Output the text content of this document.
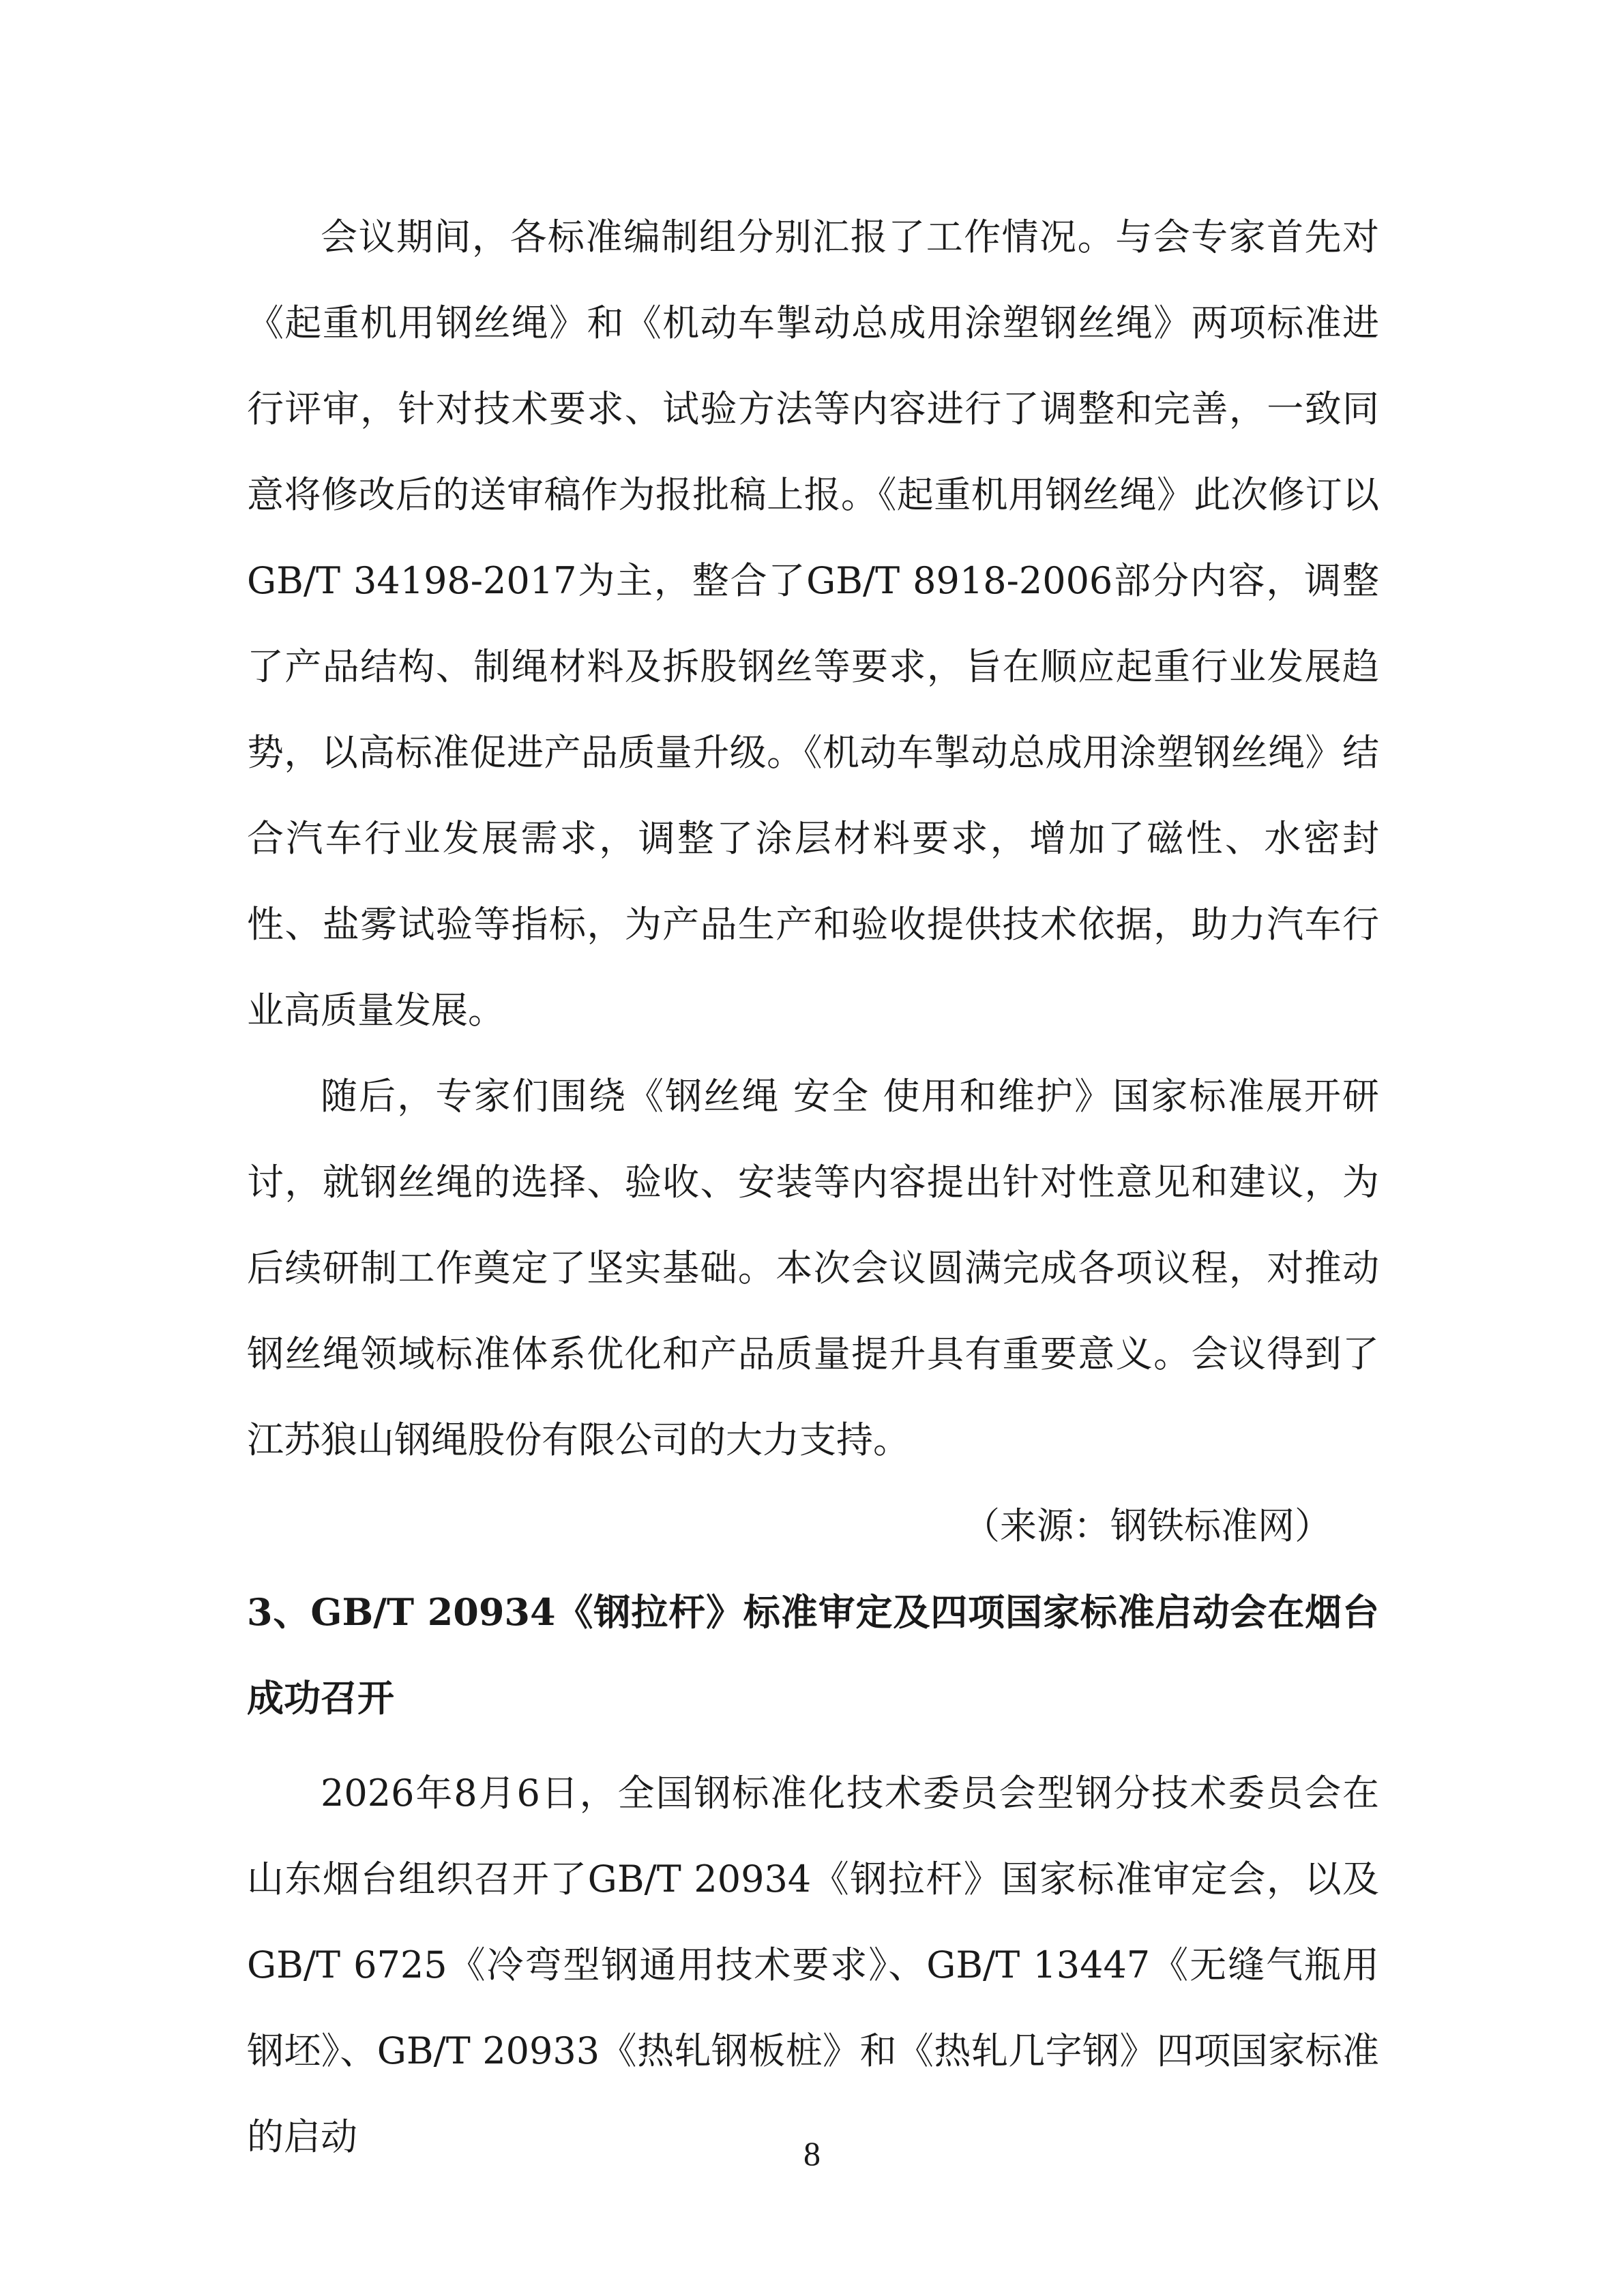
会议期间，各标准编制组分别汇报了工作情况。与会专家首先对《起重机用钢丝绳》和《机动车掣动总成用涂塑钢丝绳》两项标准进行评审，针对技术要求、试验方法等内容进行了调整和完善，一致同意将修改后的送审稿作为报批稿上报。《起重机用钢丝绳》此次修订以GB/T 34198-2017为主，整合了GB/T 8918-2006部分内容，调整了产品结构、制绳材料及拆股钢丝等要求，旨在顺应起重行业发展趋势，以高标准促进产品质量升级。《机动车掣动总成用涂塑钢丝绳》结合汽车行业发展需求，调整了涂层材料要求，增加了磁性、水密封性、盐雾试验等指标，为产品生产和验收提供技术依据，助力汽车行业高质量发展。

随后，专家们围绕《钢丝绳 安全 使用和维护》国家标准展开研讨，就钢丝绳的选择、验收、安装等内容提出针对性意见和建议，为后续研制工作奠定了坚实基础。本次会议圆满完成各项议程，对推动钢丝绳领域标准体系优化和产品质量提升具有重要意义。会议得到了江苏狼山钢绳股份有限公司的大力支持。

（来源：钢铁标准网）

3、GB/T 20934《钢拉杆》标准审定及四项国家标准启动会在烟台成功召开

2026年8月6日，全国钢标准化技术委员会型钢分技术委员会在山东烟台组织召开了GB/T 20934《钢拉杆》国家标准审定会，以及GB/T 6725《冷弯型钢通用技术要求》、GB/T 13447《无缝气瓶用钢坯》、GB/T 20933《热轧钢板桩》和《热轧几字钢》四项国家标准的启动	8
